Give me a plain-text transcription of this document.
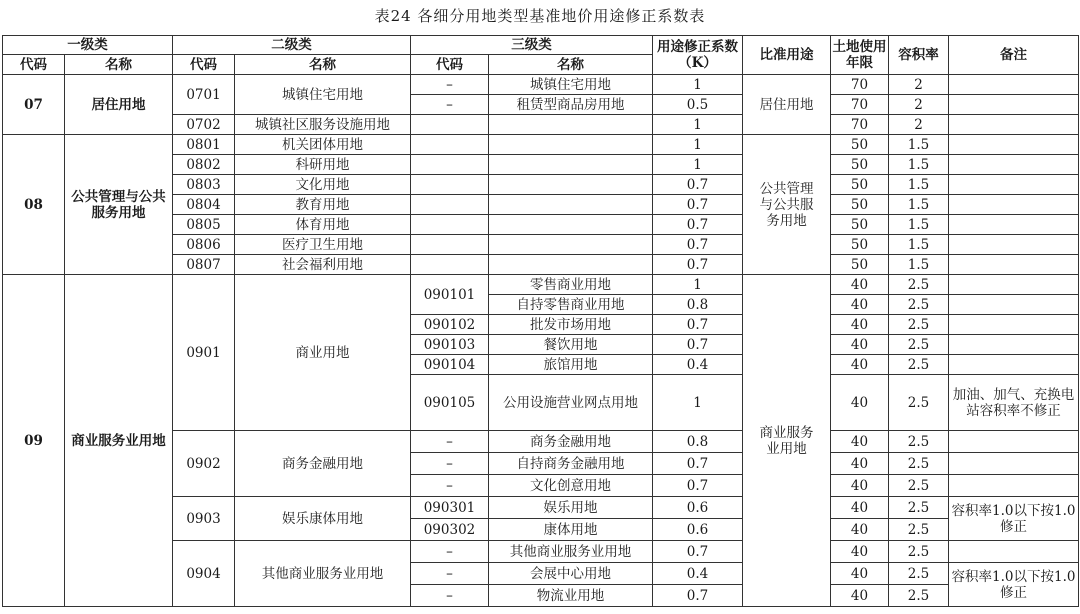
表24 各细分用地类型基准地价用途修正系数表
一级类		二级类		三级类		用途修正系数（K）	比准用途	土地使用年限	容积率	备注
代码	名称	代码	名称	代码	名称					
07	居住用地	0701	城镇住宅用地	–	城镇住宅用地	1	居住用地	70	2	
				–	租赁型商品房用地	0.5		70	2	
		0702	城镇社区服务设施用地			1		70	2	
08	公共管理与公共服务用地	0801	机关团体用地			1	公共管理与公共服务用地	50	1.5	
		0802	科研用地			1		50	1.5	
		0803	文化用地			0.7		50	1.5	
		0804	教育用地			0.7		50	1.5	
		0805	体育用地			0.7		50	1.5	
		0806	医疗卫生用地			0.7		50	1.5	
		0807	社会福利用地			0.7		50	1.5	
09	商业服务业用地	0901	商业用地	090101	零售商业用地	1	商业服务业用地	40	2.5	
					自持零售商业用地	0.8		40	2.5	
				090102	批发市场用地	0.7		40	2.5	
				090103	餐饮用地	0.7		40	2.5	
				090104	旅馆用地	0.4		40	2.5	
				090105	公用设施营业网点用地	1		40	2.5	加油、加气、充换电站容积率不修正
		0902	商务金融用地	–	商务金融用地	0.8		40	2.5	
				–	自持商务金融用地	0.7		40	2.5	
				–	文化创意用地	0.7		40	2.5	
		0903	娱乐康体用地	090301	娱乐用地	0.6		40	2.5	容积率1.0以下按1.0修正
				090302	康体用地	0.6		40	2.5	
		0904	其他商业服务业用地	–	其他商业服务业用地	0.7		40	2.5	
				–	会展中心用地	0.4		40	2.5	容积率1.0以下按1.0修正
				–	物流业用地	0.7		40	2.5	
